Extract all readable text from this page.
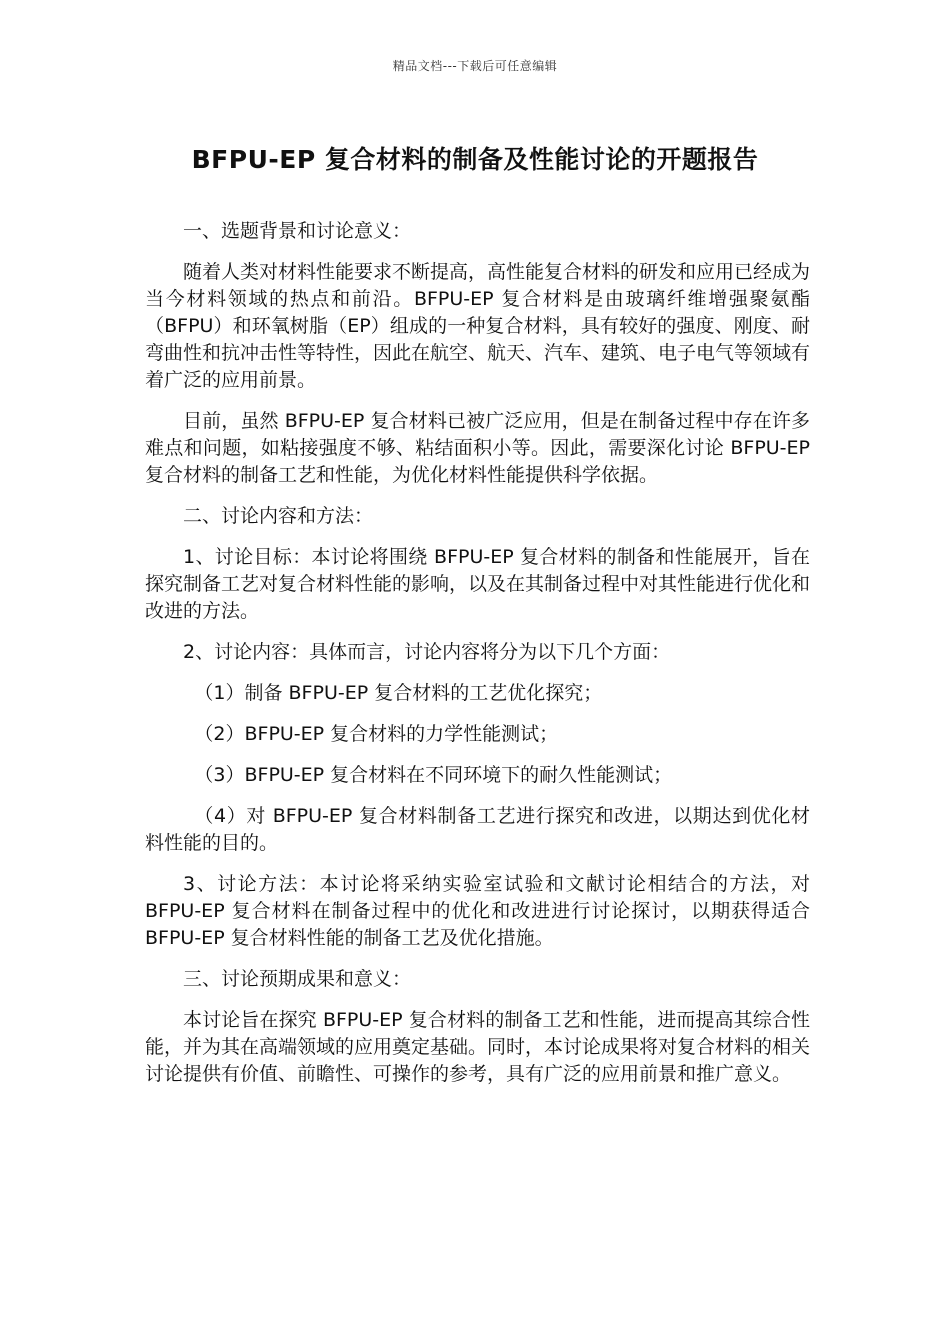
精品文档---下载后可任意编辑
BFPU-EP 复合材料的制备及性能讨论的开题报告

一、选题背景和讨论意义：

随着人类对材料性能要求不断提高，高性能复合材料的研发和应用已经成为当今材料领域的热点和前沿。BFPU-EP 复合材料是由玻璃纤维增强聚氨酯（BFPU）和环氧树脂（EP）组成的一种复合材料，具有较好的强度、刚度、耐弯曲性和抗冲击性等特性，因此在航空、航天、汽车、建筑、电子电气等领域有着广泛的应用前景。

目前，虽然 BFPU-EP 复合材料已被广泛应用，但是在制备过程中存在许多难点和问题，如粘接强度不够、粘结面积小等。因此，需要深化讨论 BFPU-EP 复合材料的制备工艺和性能，为优化材料性能提供科学依据。

二、讨论内容和方法：

1、讨论目标：本讨论将围绕 BFPU-EP 复合材料的制备和性能展开，旨在探究制备工艺对复合材料性能的影响，以及在其制备过程中对其性能进行优化和改进的方法。

2、讨论内容：具体而言，讨论内容将分为以下几个方面：

（1）制备 BFPU-EP 复合材料的工艺优化探究；

（2）BFPU-EP 复合材料的力学性能测试；

（3）BFPU-EP 复合材料在不同环境下的耐久性能测试；

（4）对 BFPU-EP 复合材料制备工艺进行探究和改进，以期达到优化材料性能的目的。

3、讨论方法：本讨论将采纳实验室试验和文献讨论相结合的方法，对 BFPU-EP 复合材料在制备过程中的优化和改进进行讨论探讨，以期获得适合 BFPU-EP 复合材料性能的制备工艺及优化措施。

三、讨论预期成果和意义：

本讨论旨在探究 BFPU-EP 复合材料的制备工艺和性能，进而提高其综合性能，并为其在高端领域的应用奠定基础。同时，本讨论成果将对复合材料的相关讨论提供有价值、前瞻性、可操作的参考，具有广泛的应用前景和推广意义。
